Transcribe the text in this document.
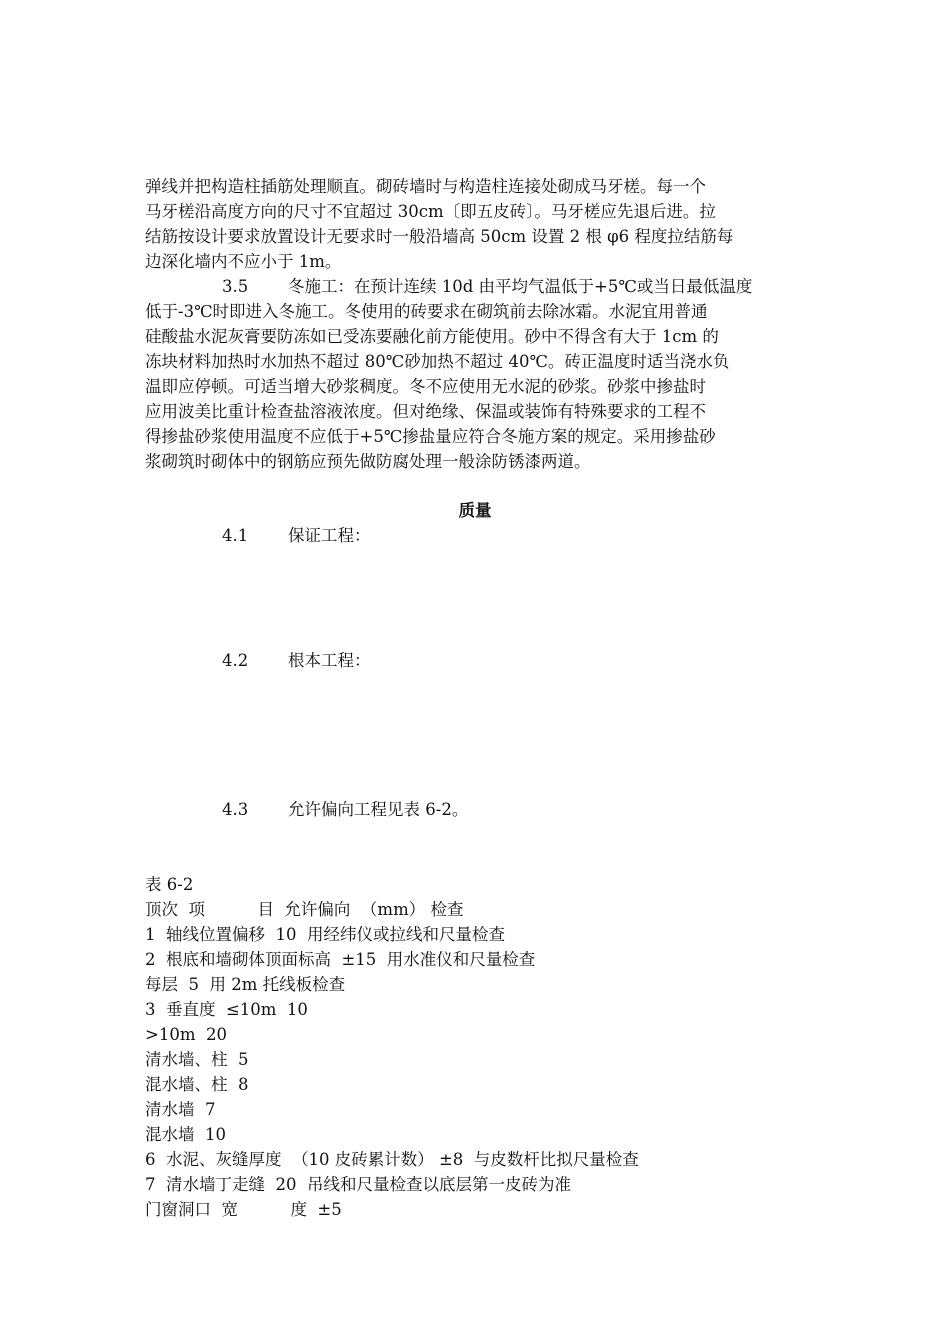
弹线并把构造柱插筋处理顺直。砌砖墙时与构造柱连接处砌成马牙槎。每一个
马牙槎沿高度方向的尺寸不宜超过 30cm〔即五皮砖〕。马牙槎应先退后进。拉
结筋按设计要求放置设计无要求时一般沿墙高 50cm 设置 2 根 φ6 程度拉结筋每
边深化墙内不应小于 1m。
3.5 冬施工：在预计连续 10d 由平均气温低于+5℃或当日最低温度
低于-3℃时即进入冬施工。冬使用的砖要求在砌筑前去除冰霜。水泥宜用普通
硅酸盐水泥灰膏要防冻如已受冻要融化前方能使用。砂中不得含有大于 1cm 的
冻块材料加热时水加热不超过 80℃砂加热不超过 40℃。砖正温度时适当浇水负
温即应停顿。可适当增大砂浆稠度。冬不应使用无水泥的砂浆。砂浆中掺盐时
应用波美比重计检查盐溶液浓度。但对绝缘、保温或装饰有特殊要求的工程不
得掺盐砂浆使用温度不应低于+5℃掺盐量应符合冬施方案的规定。采用掺盐砂
浆砌筑时砌体中的钢筋应预先做防腐处理一般涂防锈漆两道。
质量
4.1 保证工程：
4.2 根本工程：
4.3 允许偏向工程见表 6-2。
表 6-2
顶次  项          目  允许偏向  （mm） 检查
1  轴线位置偏移  10  用经纬仪或拉线和尺量检查
2  根底和墙砌体顶面标高  ±15  用水准仪和尺量检查
每层  5  用 2m 托线板检查
3  垂直度  ≤10m  10
>10m  20
清水墙、柱  5
混水墙、柱  8
清水墙  7
混水墙  10
6  水泥、灰缝厚度  （10 皮砖累计数） ±8  与皮数杆比拟尺量检查
7  清水墙丁走缝  20  吊线和尺量检查以底层第一皮砖为准
门窗洞口  宽          度  ±5
